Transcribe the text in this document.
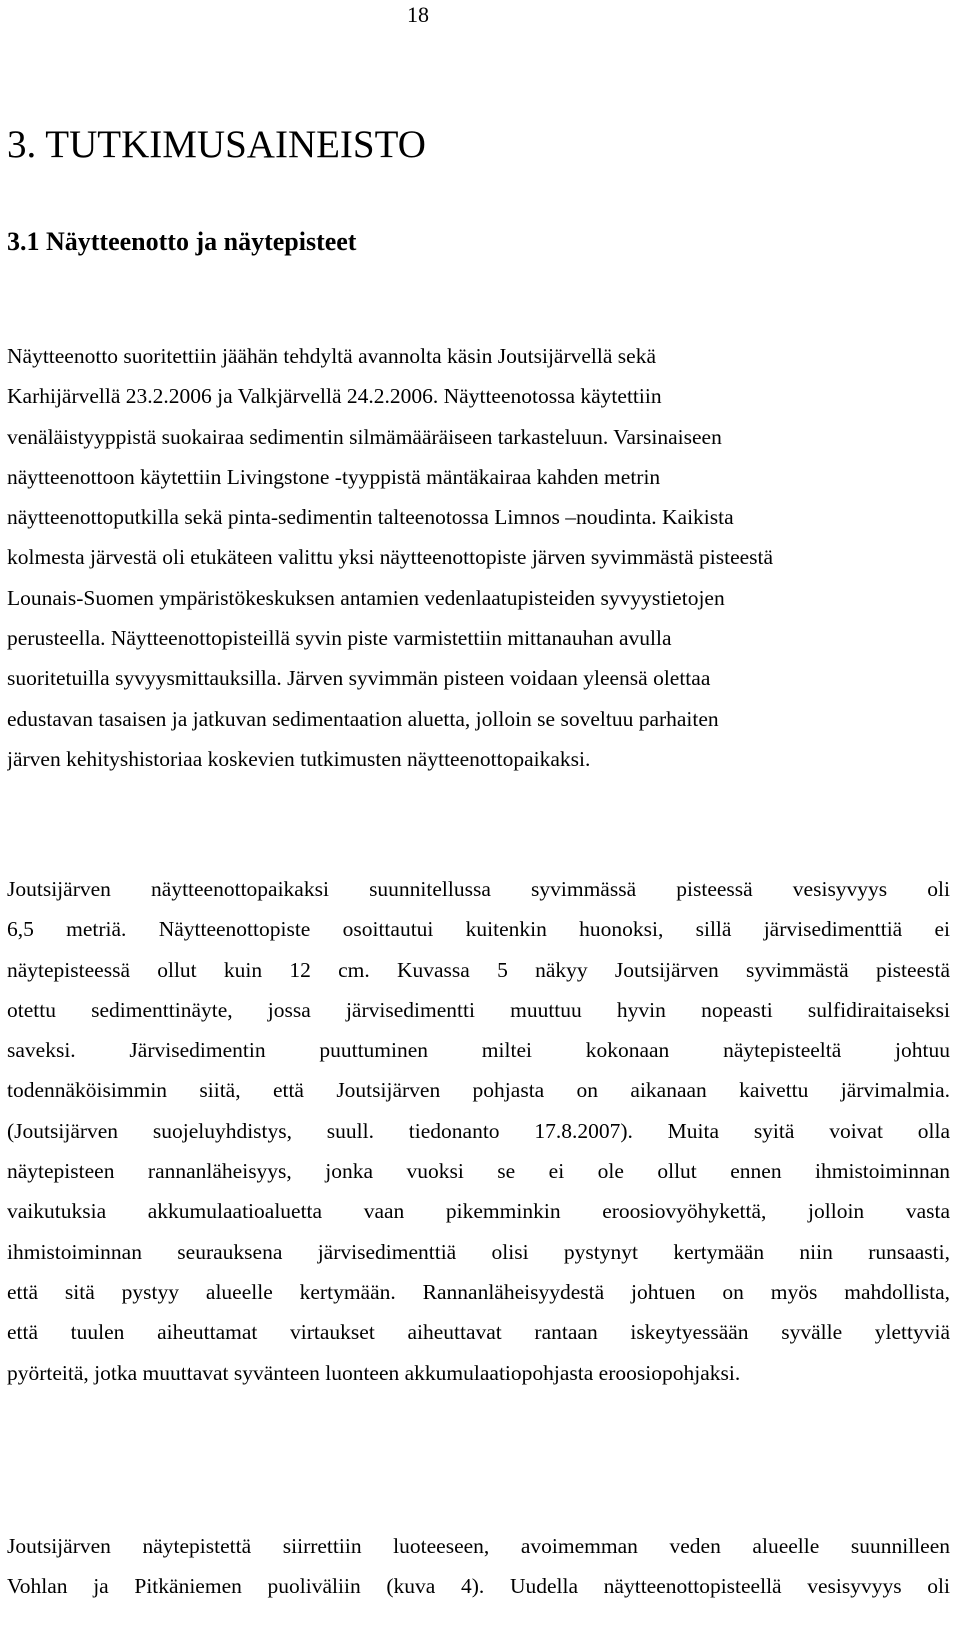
18
3. TUTKIMUSAINEISTO
3.1 Näytteenotto ja näytepisteet
Näytteenotto suoritettiin jäähän tehdyltä avannolta käsin Joutsijärvellä sekä
Karhijärvellä 23.2.2006 ja Valkjärvellä 24.2.2006. Näytteenotossa käytettiin
venäläistyyppistä suokairaa sedimentin silmämääräiseen tarkasteluun. Varsinaiseen
näytteenottoon käytettiin Livingstone -tyyppistä mäntäkairaa kahden metrin
näytteenottoputkilla sekä pinta-sedimentin talteenotossa Limnos –noudinta. Kaikista
kolmesta järvestä oli etukäteen valittu yksi näytteenottopiste järven syvimmästä pisteestä
Lounais-Suomen ympäristökeskuksen antamien vedenlaatupisteiden syvyystietojen
perusteella. Näytteenottopisteillä syvin piste varmistettiin mittanauhan avulla
suoritetuilla syvyysmittauksilla. Järven syvimmän pisteen voidaan yleensä olettaa
edustavan tasaisen ja jatkuvan sedimentaation aluetta, jolloin se soveltuu parhaiten
järven kehityshistoriaa koskevien tutkimusten näytteenottopaikaksi.
Joutsijärven näytteenottopaikaksi suunnitellussa syvimmässä pisteessä vesisyvyys oli
6,5 metriä. Näytteenottopiste osoittautui kuitenkin huonoksi, sillä järvisedimenttiä ei
näytepisteessä ollut kuin 12 cm. Kuvassa 5 näkyy Joutsijärven syvimmästä pisteestä
otettu sedimenttinäyte, jossa järvisedimentti muuttuu hyvin nopeasti sulfidiraitaiseksi
saveksi. Järvisedimentin puuttuminen miltei kokonaan näytepisteeltä johtuu
todennäköisimmin siitä, että Joutsijärven pohjasta on aikanaan kaivettu järvimalmia.
(Joutsijärven suojeluyhdistys, suull. tiedonanto 17.8.2007). Muita syitä voivat olla
näytepisteen rannanläheisyys, jonka vuoksi se ei ole ollut ennen ihmistoiminnan
vaikutuksia akkumulaatioaluetta vaan pikemminkin eroosiovyöhykettä, jolloin vasta
ihmistoiminnan seurauksena järvisedimenttiä olisi pystynyt kertymään niin runsaasti,
että sitä pystyy alueelle kertymään. Rannanläheisyydestä johtuen on myös mahdollista,
että tuulen aiheuttamat virtaukset aiheuttavat rantaan iskeytyessään syvälle ylettyviä
pyörteitä, jotka muuttavat syvänteen luonteen akkumulaatiopohjasta eroosiopohjaksi.
Joutsijärven näytepistettä siirrettiin luoteeseen, avoimemman veden alueelle suunnilleen
Vohlan ja Pitkäniemen puoliväliin (kuva 4). Uudella näytteenottopisteellä vesisyvyys oli
